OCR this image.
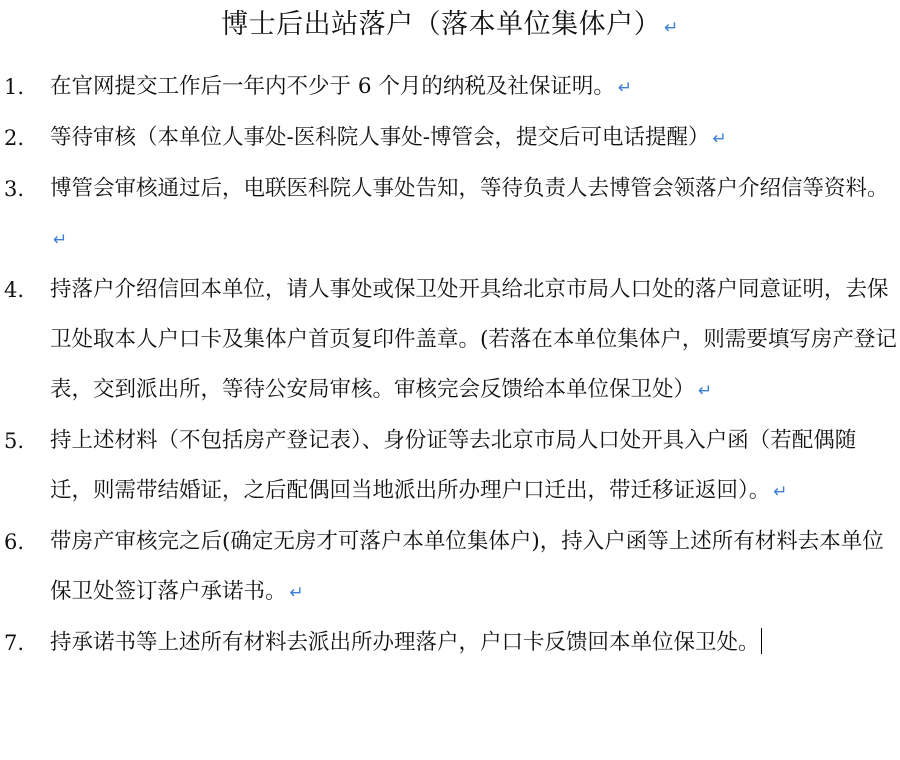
博士后出站落户（落本单位集体户） ↵
1.	在官网提交工作后一年内不少于 6 个月的纳税及社保证明。 ↵
2.	等待审核（本单位人事处-医科院人事处-博管会，提交后可电话提醒） ↵
3.	博管会审核通过后，电联医科院人事处告知，等待负责人去博管会领落户介绍信等资料。↵
4.	持落户介绍信回本单位，请人事处或保卫处开具给北京市局人口处的落户同意证明，去保卫处取本人户口卡及集体户首页复印件盖章。(若落在本单位集体户，则需要填写房产登记表，交到派出所，等待公安局审核。审核完会反馈给本单位保卫处） ↵
5.	持上述材料（不包括房产登记表）、身份证等去北京市局人口处开具入户函（若配偶随迁，则需带结婚证，之后配偶回当地派出所办理户口迁出，带迁移证返回）。 ↵
6.	带房产审核完之后(确定无房才可落户本单位集体户)，持入户函等上述所有材料去本单位保卫处签订落户承诺书。 ↵
7.	持承诺书等上述所有材料去派出所办理落户，户口卡反馈回本单位保卫处。
